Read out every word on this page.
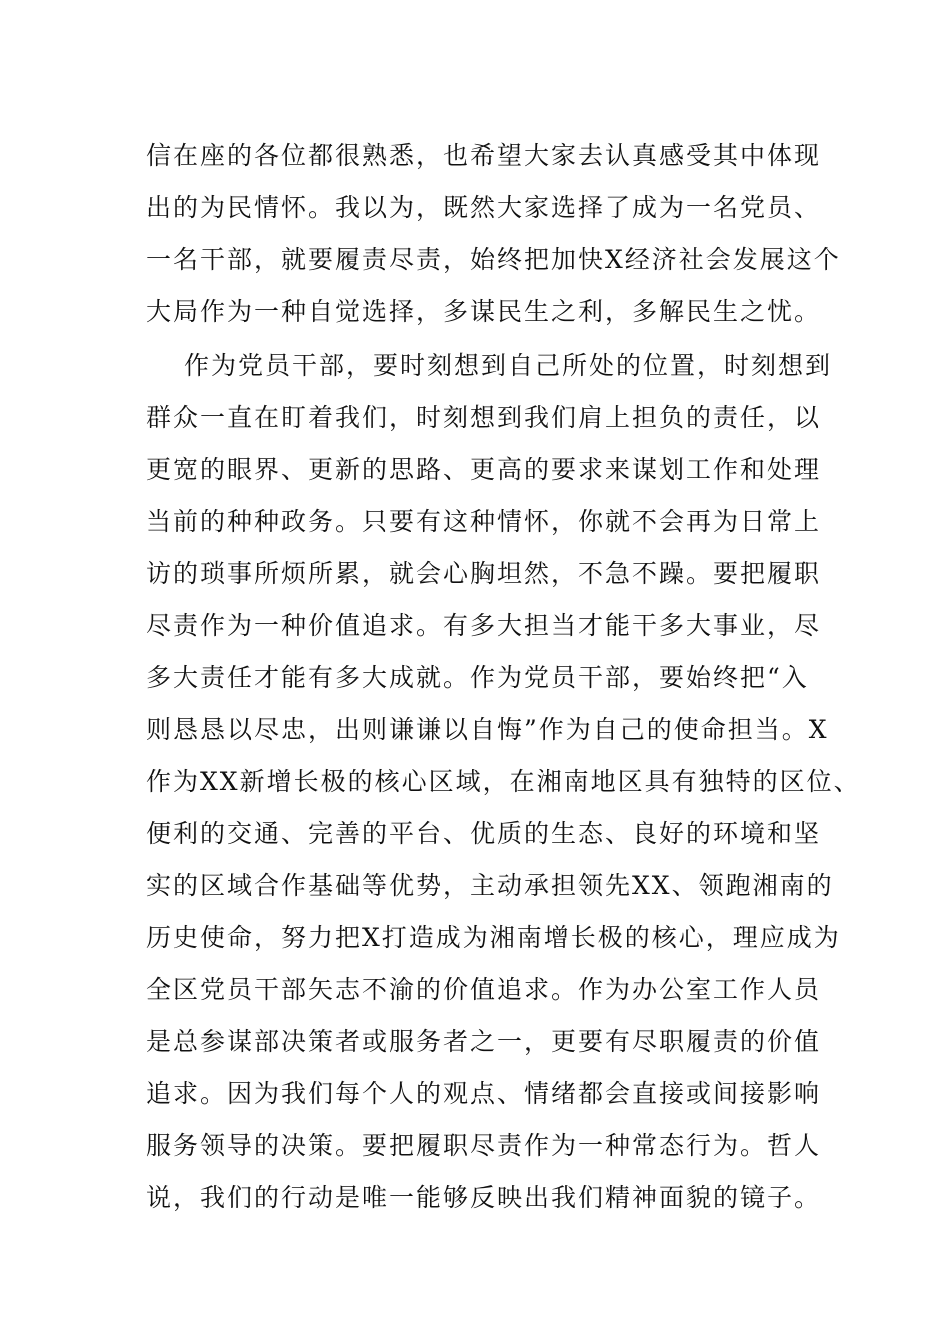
信在座的各位都很熟悉，也希望大家去认真感受其中体现
出的为民情怀。我以为，既然大家选择了成为一名党员、
一名干部，就要履责尽责，始终把加快X经济社会发展这个
大局作为一种自觉选择，多谋民生之利，多解民生之忧。
作为党员干部，要时刻想到自己所处的位置，时刻想到
群众一直在盯着我们，时刻想到我们肩上担负的责任，以
更宽的眼界、更新的思路、更高的要求来谋划工作和处理
当前的种种政务。只要有这种情怀，你就不会再为日常上
访的琐事所烦所累，就会心胸坦然，不急不躁。要把履职
尽责作为一种价值追求。有多大担当才能干多大事业，尽
多大责任才能有多大成就。作为党员干部，要始终把“入
则恳恳以尽忠，出则谦谦以自悔”作为自己的使命担当。X
作为XX新增长极的核心区域，在湘南地区具有独特的区位、
便利的交通、完善的平台、优质的生态、良好的环境和坚
实的区域合作基础等优势，主动承担领先XX、领跑湘南的
历史使命，努力把X打造成为湘南增长极的核心，理应成为
全区党员干部矢志不渝的价值追求。作为办公室工作人员
是总参谋部决策者或服务者之一，更要有尽职履责的价值
追求。因为我们每个人的观点、情绪都会直接或间接影响
服务领导的决策。要把履职尽责作为一种常态行为。哲人
说，我们的行动是唯一能够反映出我们精神面貌的镜子。
